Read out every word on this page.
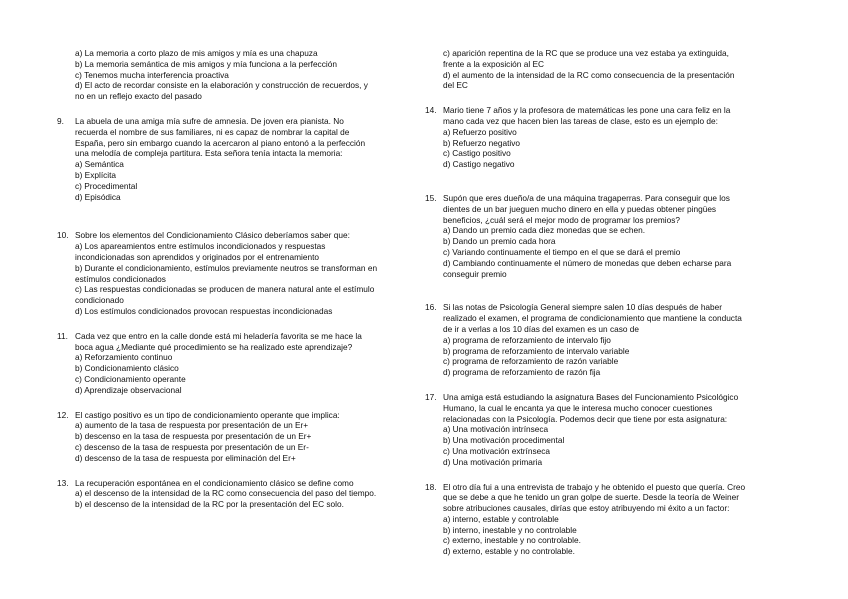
a) La memoria a corto plazo de mis amigos y mía es una chapuza
b) La memoria semántica de mis amigos y mía funciona a la perfección
c) Tenemos mucha interferencia proactiva
d) El acto de recordar consiste en la elaboración y construcción de recuerdos, y
no en un reflejo exacto del pasado
9. La abuela de una amiga mía sufre de amnesia. De joven era pianista. No
recuerda el nombre de sus familiares, ni es capaz de nombrar la capital de
España, pero sin embargo cuando la acercaron al piano entonó a la perfección
una melodía de compleja partitura. Esta señora tenía intacta la memoria:
a) Semántica
b) Explícita
c) Procedimental
d) Episódica
10. Sobre los elementos del Condicionamiento Clásico deberíamos saber que:
a) Los apareamientos entre estímulos incondicionados y respuestas
incondicionadas son aprendidos y originados por el entrenamiento
b) Durante el condicionamiento, estímulos previamente neutros se transforman en
estímulos condicionados
c) Las respuestas condicionadas se producen de manera natural ante el estímulo
condicionado
d) Los estímulos condicionados provocan respuestas incondicionadas
11. Cada vez que entro en la calle donde está mi heladería favorita se me hace la
boca agua ¿Mediante qué procedimiento se ha realizado este aprendizaje?
a) Reforzamiento continuo
b) Condicionamiento clásico
c) Condicionamiento operante
d) Aprendizaje observacional
12. El castigo positivo es un tipo de condicionamiento operante que implica:
a) aumento de la tasa de respuesta por presentación de un Er+
b) descenso en la tasa de respuesta por presentación de un Er+
c) descenso de la tasa de respuesta por presentación de un Er-
d) descenso de la tasa de respuesta por eliminación del Er+
13. La recuperación espontánea en el condicionamiento clásico se define como
a) el descenso de la intensidad de la RC como consecuencia del paso del tiempo.
b) el descenso de la intensidad de la RC por la presentación del EC solo.
c) aparición repentina de la RC que se produce una vez estaba ya extinguida,
frente a la exposición al EC
d) el aumento de la intensidad de la RC como consecuencia de la presentación
del EC
14. Mario tiene 7 años y la profesora de matemáticas les pone una cara feliz en la
mano cada vez que hacen bien las tareas de clase, esto es un ejemplo de:
a) Refuerzo positivo
b) Refuerzo negativo
c) Castigo positivo
d) Castigo negativo
15. Supón que eres dueño/a de una máquina tragaperras. Para conseguir que los
dientes de un bar jueguen mucho dinero en ella y puedas obtener pingües
beneficios, ¿cuál será el mejor modo de programar los premios?
a) Dando un premio cada diez monedas que se echen.
b) Dando un premio cada hora
c) Variando continuamente el tiempo en el que se dará el premio
d) Cambiando continuamente el número de monedas que deben echarse para
conseguir premio
16. Si las notas de Psicología General siempre salen 10 días después de haber
realizado el examen, el programa de condicionamiento que mantiene la conducta
de ir a verlas a los 10 días del examen es un caso de
a) programa de reforzamiento de intervalo fijo
b) programa de reforzamiento de intervalo variable
c) programa de reforzamiento de razón variable
d) programa de reforzamiento de razón fija
17. Una amiga está estudiando la asignatura Bases del Funcionamiento Psicológico
Humano, la cual le encanta ya que le interesa mucho conocer cuestiones
relacionadas con la Psicología. Podemos decir que tiene por esta asignatura:
a) Una motivación intrínseca
b) Una motivación procedimental
c) Una motivación extrínseca
d) Una motivación primaria
18. El otro día fui a una entrevista de trabajo y he obtenido el puesto que quería. Creo
que se debe a que he tenido un gran golpe de suerte. Desde la teoría de Weiner
sobre atribuciones causales, dirías que estoy atribuyendo mi éxito a un factor:
a) interno, estable y controlable
b) interno, inestable y no controlable
c) externo, inestable y no controlable.
d) externo, estable y no controlable.
